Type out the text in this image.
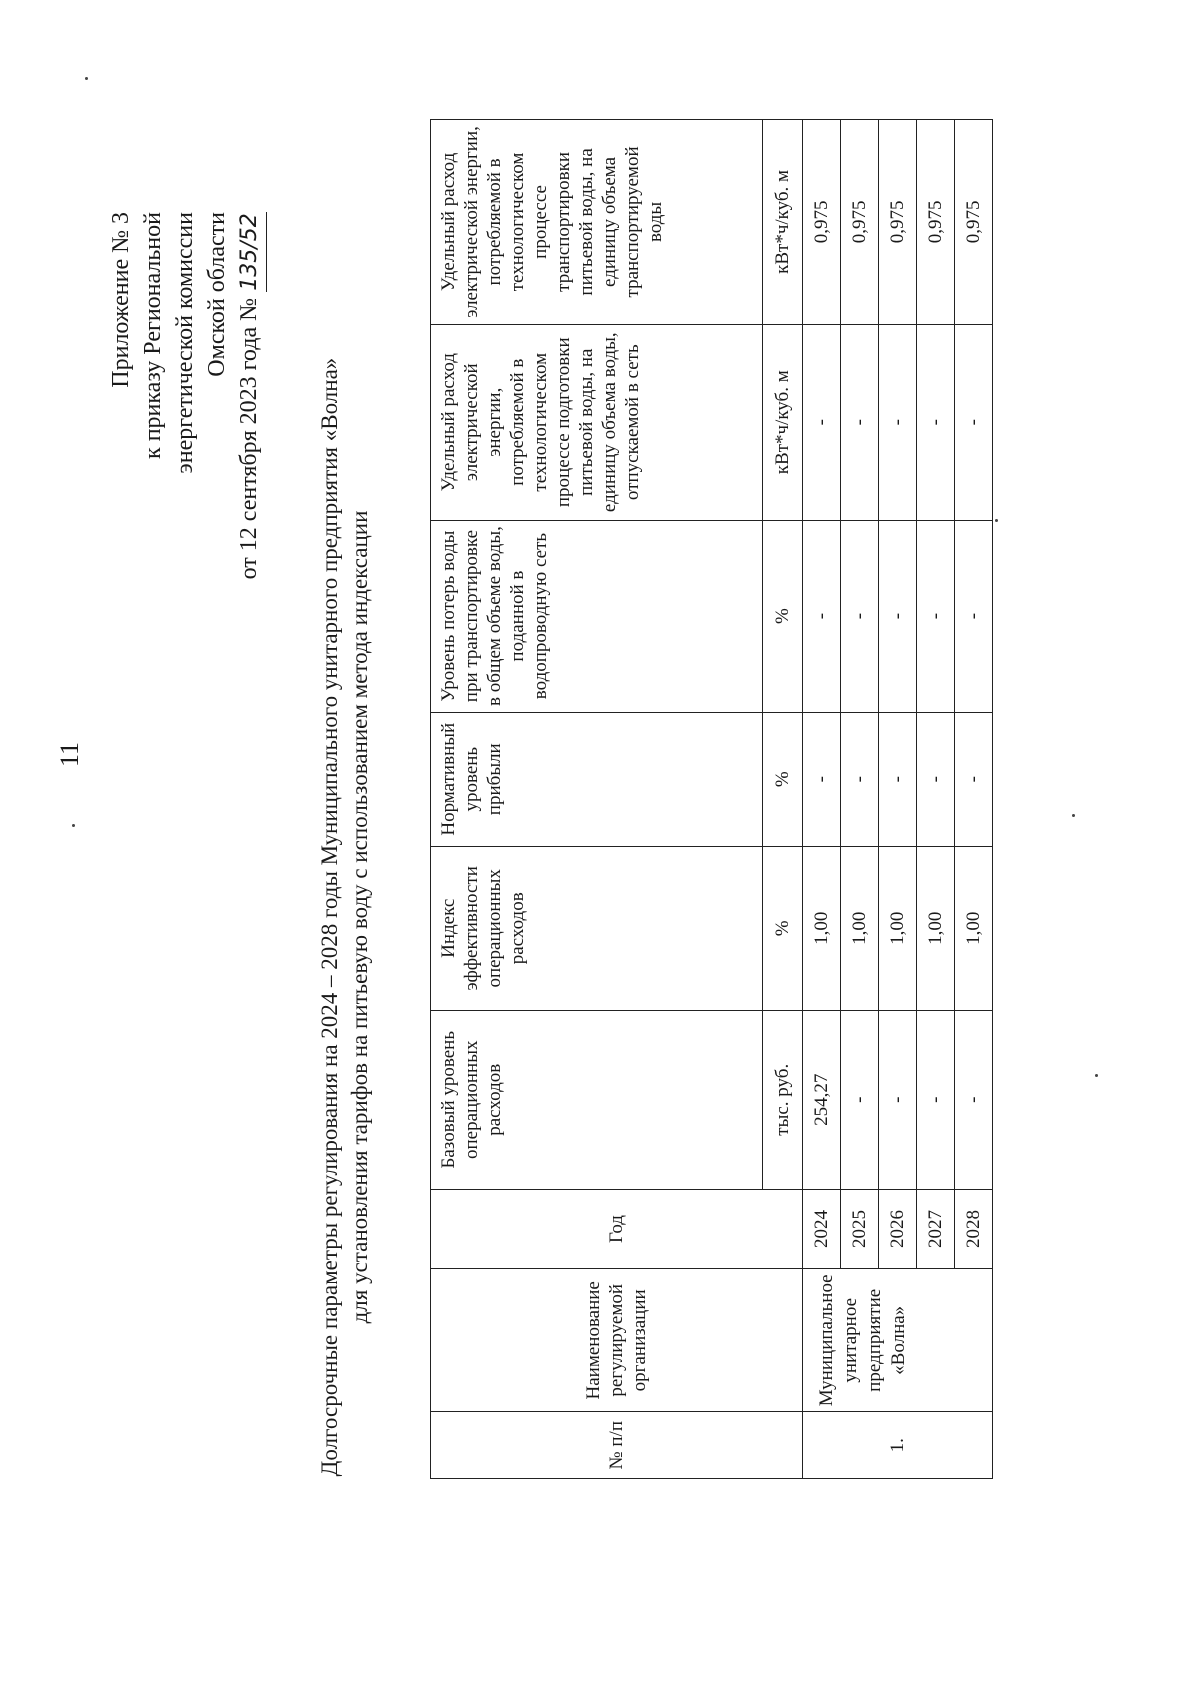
11
Приложение № 3 к приказу Региональной энергетической комиссии Омской области
от 12 сентября 2023 года № 135/52
Долгосрочные параметры регулирования на 2024 – 2028 годы Муниципального унитарного предприятия «Волна» для установления тарифов на питьевую воду с использованием метода индексации
№ п/п	Наименование регулируемой организации	Год	Базовый уровень операционных расходов	Индекс эффективности операционных расходов	Нормативный уровень прибыли	Уровень потерь воды при транспортировке в общем объеме воды, поданной в водопроводную сеть	Удельный расход электрической энергии, потребляемой в технологическом процессе подготовки питьевой воды, на единицу объема воды, отпускаемой в сеть	Удельный расход электрической энергии, потребляемой в технологическом процессе транспортировки питьевой воды, на единицу объема транспортируемой воды
			тыс. руб.	%	%	%	кВт*ч/куб. м	кВт*ч/куб. м
1.	Муниципальное унитарное предприятие «Волна»	2024	254,27	1,00	-	-	-	0,975
		2025	-	1,00	-	-	-	0,975
		2026	-	1,00	-	-	-	0,975
		2027	-	1,00	-	-	-	0,975
		2028	-	1,00	-	-	-	0,975
